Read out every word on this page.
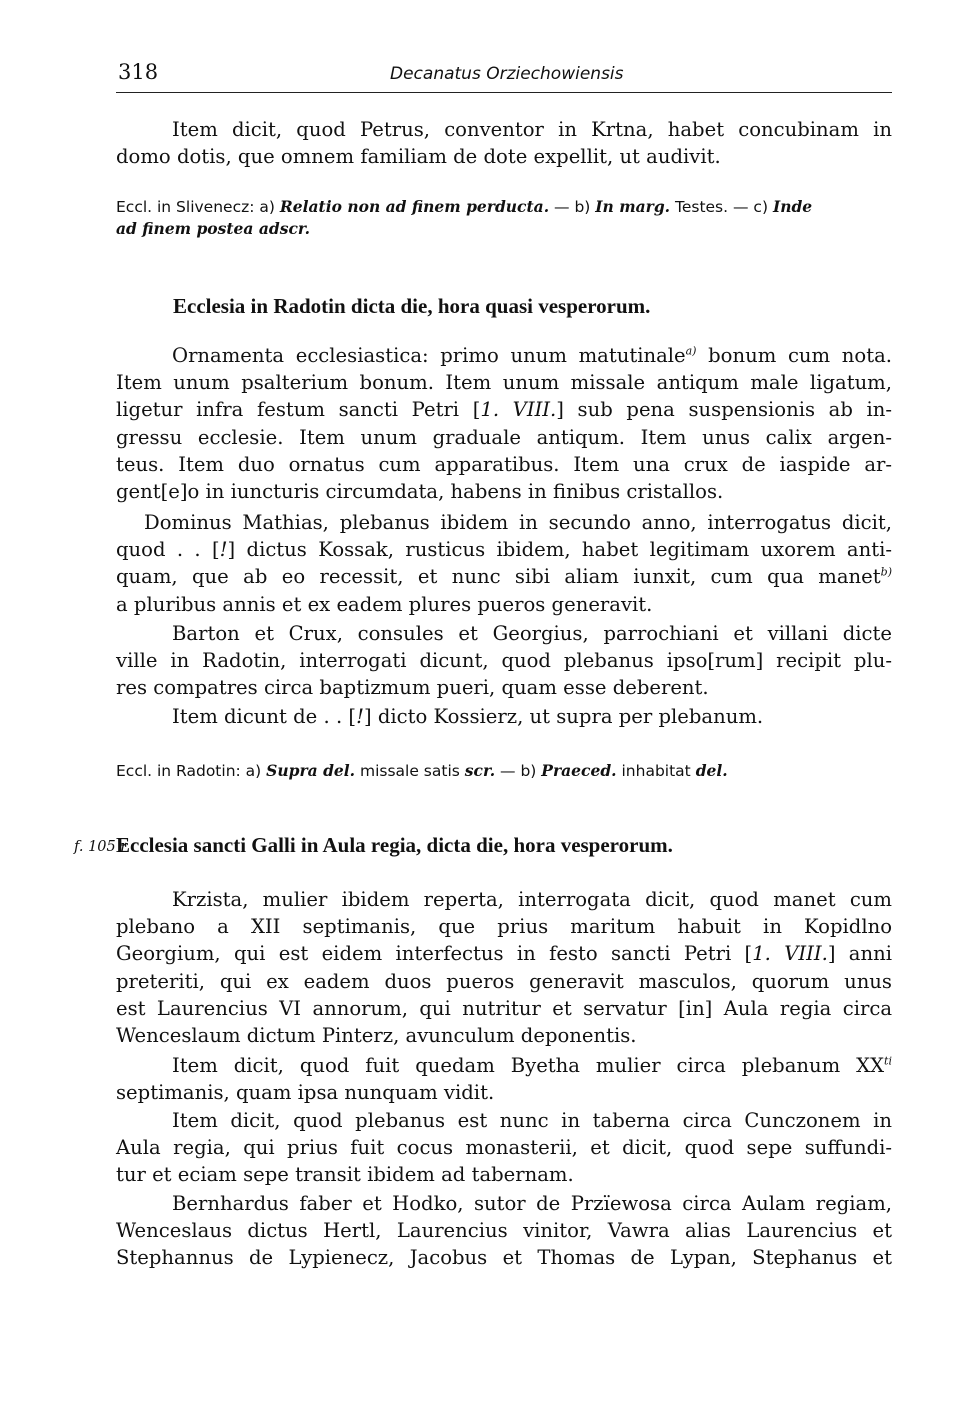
318	Decanatus Orziechowiensis

Item dicit, quod Petrus, conventor in Krtna, habet concubinam in
domo dotis, que omnem familiam de dote expellit, ut audivit.

Eccl. in Slivenecz: a) Relatio non ad finem perducta. — b) In marg. Testes. — c) Inde
ad finem postea adscr.

Ecclesia in Radotin dicta die, hora quasi vesperorum.

Ornamenta ecclesiastica: primo unum matutinale$^{a)}$ bonum cum nota.
Item unum psalterium bonum. Item unum missale antiqum male ligatum,
ligetur infra festum sancti Petri [1. VIII.] sub pena suspensionis ab in-
gressu ecclesie. Item unum graduale antiqum. Item unus calix argen-
teus. Item duo ornatus cum apparatibus. Item una crux de iaspide ar-
gent[e]o in iuncturis circumdata, habens in finibus cristallos.

Dominus Mathias, plebanus ibidem in secundo anno, interrogatus dicit,
quod . . [!] dictus Kossak, rusticus ibidem, habet legitimam uxorem anti-
quam, que ab eo recessit, et nunc sibi aliam iunxit, cum qua manet$^{b)}$
a pluribus annis et ex eadem plures pueros generavit.

Barton et Crux, consules et Georgius, parrochiani et villani dicte
ville in Radotin, interrogati dicunt, quod plebanus ipso[rum] recipit plu-
res compatres circa baptizmum pueri, quam esse deberent.

Item dicunt de . . [!] dicto Kossierz, ut supra per plebanum.

Eccl. in Radotin: a) Supra del. missale satis scr. — b) Praeced. inhabitat del.

f. 105 r
Ecclesia sancti Galli in Aula regia, dicta die, hora vesperorum.

Krzista, mulier ibidem reperta, interrogata dicit, quod manet cum
plebano a XII septimanis, que prius maritum habuit in Kopidlno
Georgium, qui est eidem interfectus in festo sancti Petri [1. VIII.] anni
preteriti, qui ex eadem duos pueros generavit masculos, quorum unus
est Laurencius VI annorum, qui nutritur et servatur [in] Aula regia circa
Wenceslaum dictum Pinterz, avunculum deponentis.

Item dicit, quod fuit quedam Byetha mulier circa plebanum $XX^{ti}$
septimanis, quam ipsa nunquam vidit.

Item dicit, quod plebanus est nunc in taberna circa Cunczonem in
Aula regia, qui prius fuit cocus monasterii, et dicit, quod sepe suffundi-
tur et eciam sepe transit ibidem ad tabernam.

Bernhardus faber et Hodko, sutor de Przïewosa circa Aulam regiam,
Wenceslaus dictus Hertl, Laurencius vinitor, Vawra alias Laurencius et
Stephannus de Lypienecz, Jacobus et Thomas de Lypan, Stephanus et
